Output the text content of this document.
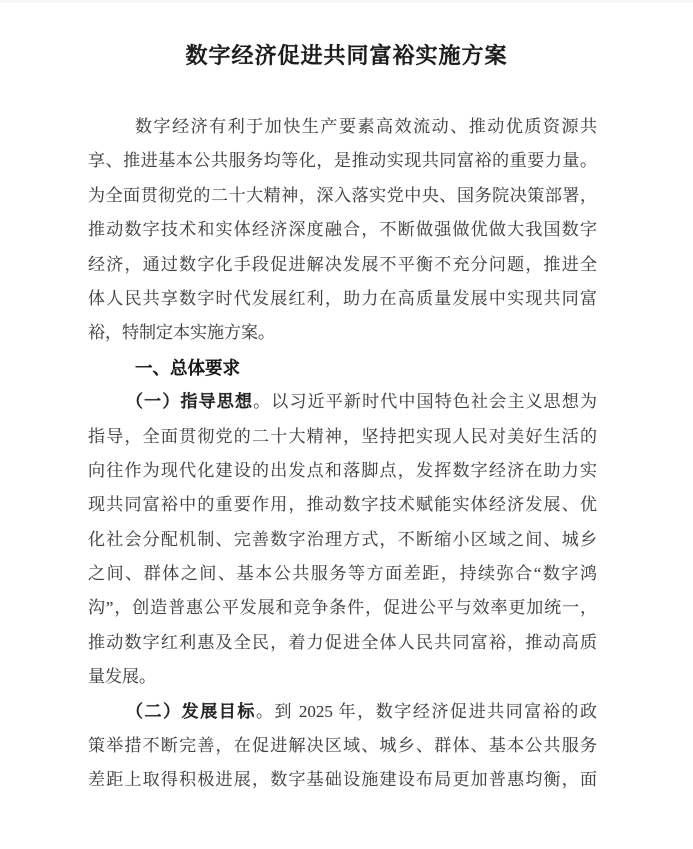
数字经济促进共同富裕实施方案
数字经济有利于加快生产要素高效流动、推动优质资源共
享、推进基本公共服务均等化，是推动实现共同富裕的重要力量。
为全面贯彻党的二十大精神，深入落实党中央、国务院决策部署，
推动数字技术和实体经济深度融合，不断做强做优做大我国数字
经济，通过数字化手段促进解决发展不平衡不充分问题，推进全
体人民共享数字时代发展红利，助力在高质量发展中实现共同富
裕，特制定本实施方案。
一、总体要求
（一）指导思想。以习近平新时代中国特色社会主义思想为
指导，全面贯彻党的二十大精神，坚持把实现人民对美好生活的
向往作为现代化建设的出发点和落脚点，发挥数字经济在助力实
现共同富裕中的重要作用，推动数字技术赋能实体经济发展、优
化社会分配机制、完善数字治理方式，不断缩小区域之间、城乡
之间、群体之间、基本公共服务等方面差距，持续弥合“数字鸿
沟”，创造普惠公平发展和竞争条件，促进公平与效率更加统一，
推动数字红利惠及全民，着力促进全体人民共同富裕，推动高质
量发展。
（二）发展目标。到 2025 年，数字经济促进共同富裕的政
策举措不断完善，在促进解决区域、城乡、群体、基本公共服务
差距上取得积极进展，数字基础设施建设布局更加普惠均衡，面
